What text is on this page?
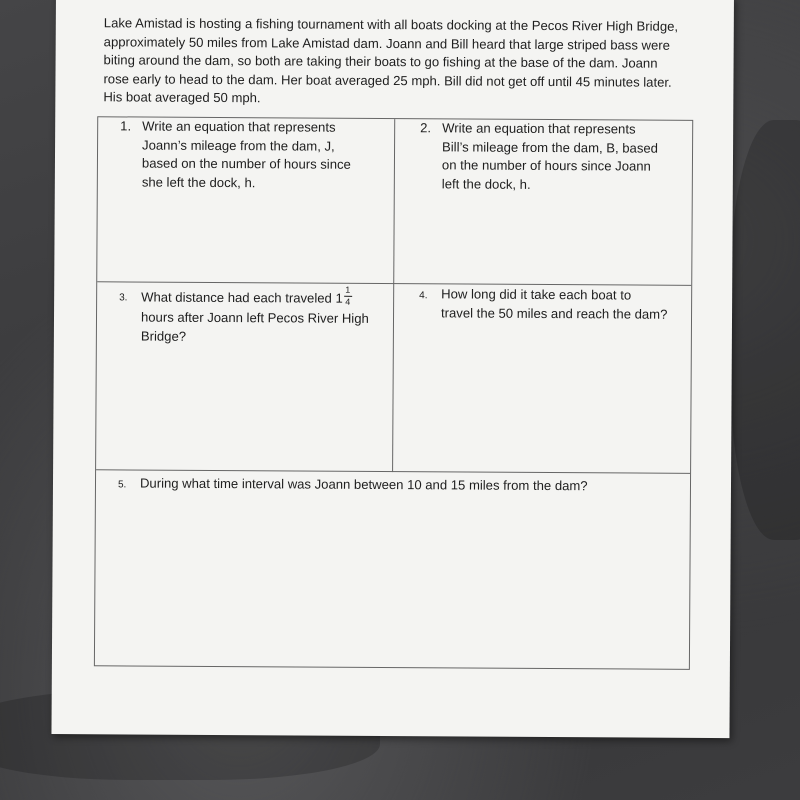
Lake Amistad is hosting a fishing tournament with all boats docking at the Pecos River High Bridge, approximately 50 miles from Lake Amistad dam. Joann and Bill heard that large striped bass were biting around the dam, so both are taking their boats to go fishing at the base of the dam. Joann rose early to head to the dam. Her boat averaged 25 mph. Bill did not get off until 45 minutes later. His boat averaged 50 mph.
1. Write an equation that represents
Joann’s mileage from the dam, J,
based on the number of hours since
she left the dock, h.
2. Write an equation that represents
Bill’s mileage from the dam, B, based
on the number of hours since Joann
left the dock, h.
3. What distance had each traveled $1 \frac{1}{4}$
hours after Joann left Pecos River High
Bridge?
4. How long did it take each boat to
travel the 50 miles and reach the dam?
5. During what time interval was Joann between 10 and 15 miles from the dam?
